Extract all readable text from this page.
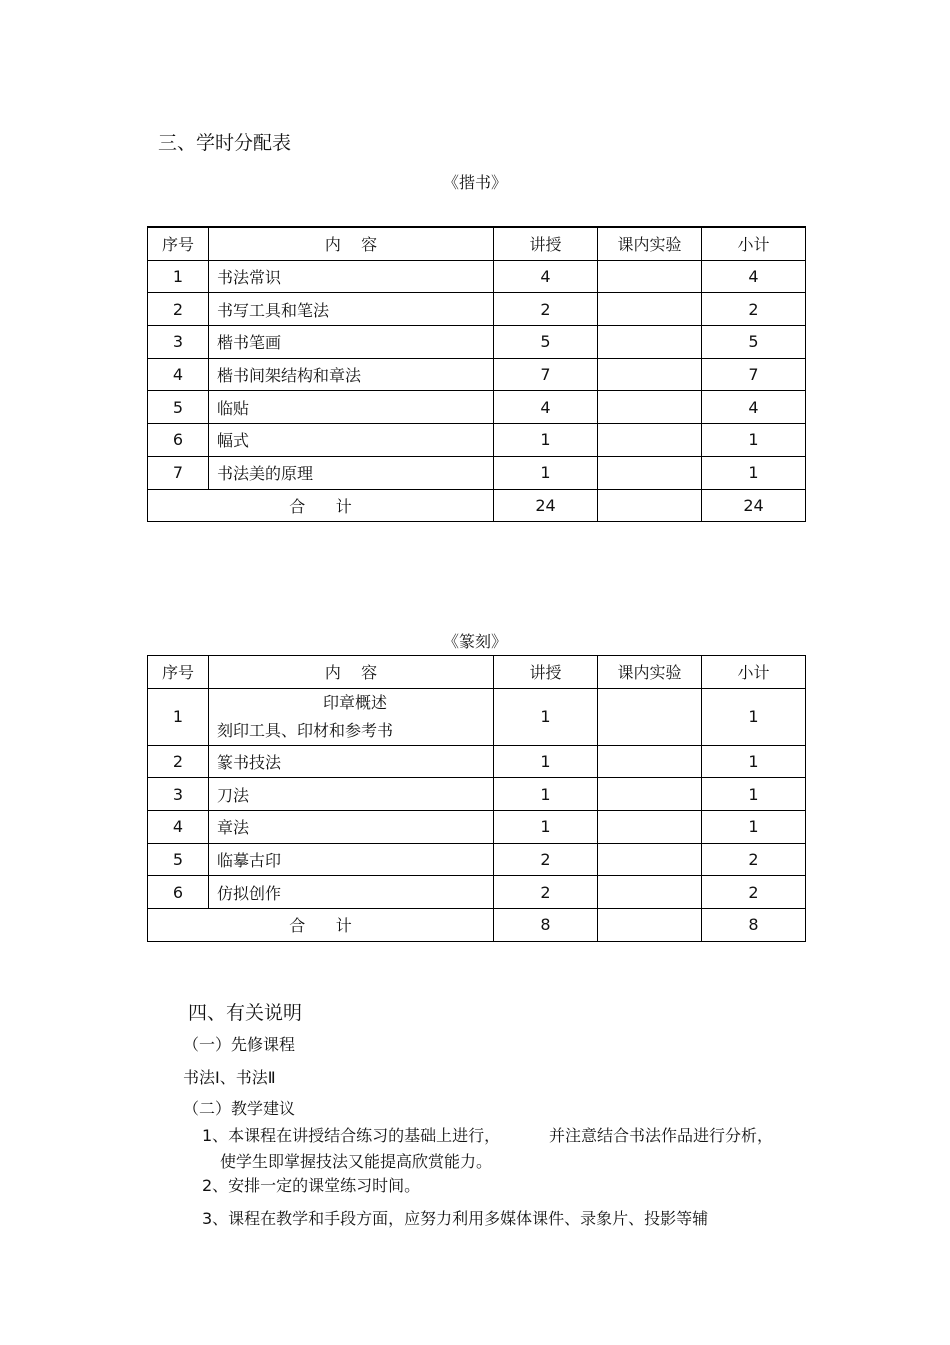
三、学时分配表
《揩书》
序号	内    容	讲授	课内实验	小计
1	书法常识	4		4
2	书写工具和笔法	2		2
3	楷书笔画	5		5
4	楷书间架结构和章法	7		7
5	临贴	4		4
6	幅式	1		1
7	书法美的原理	1		1
合      计		24		24
《篆刻》
序号	内    容	讲授	课内实验	小计
1	印章概述
刻印工具、印材和参考书	1		1
2	篆书技法	1		1
3	刀法	1		1
4	章法	1		1
5	临摹古印	2		2
6	仿拟创作	2		2
合      计		8		8
四、有关说明
（一）先修课程
书法Ⅰ、书法Ⅱ
（二）教学建议
1、本课程在讲授结合练习的基础上进行，	并注意结合书法作品进行分析，
使学生即掌握技法又能提高欣赏能力。
2、安排一定的课堂练习时间。
3、课程在教学和手段方面，应努力利用多媒体课件、录象片、投影等辅
